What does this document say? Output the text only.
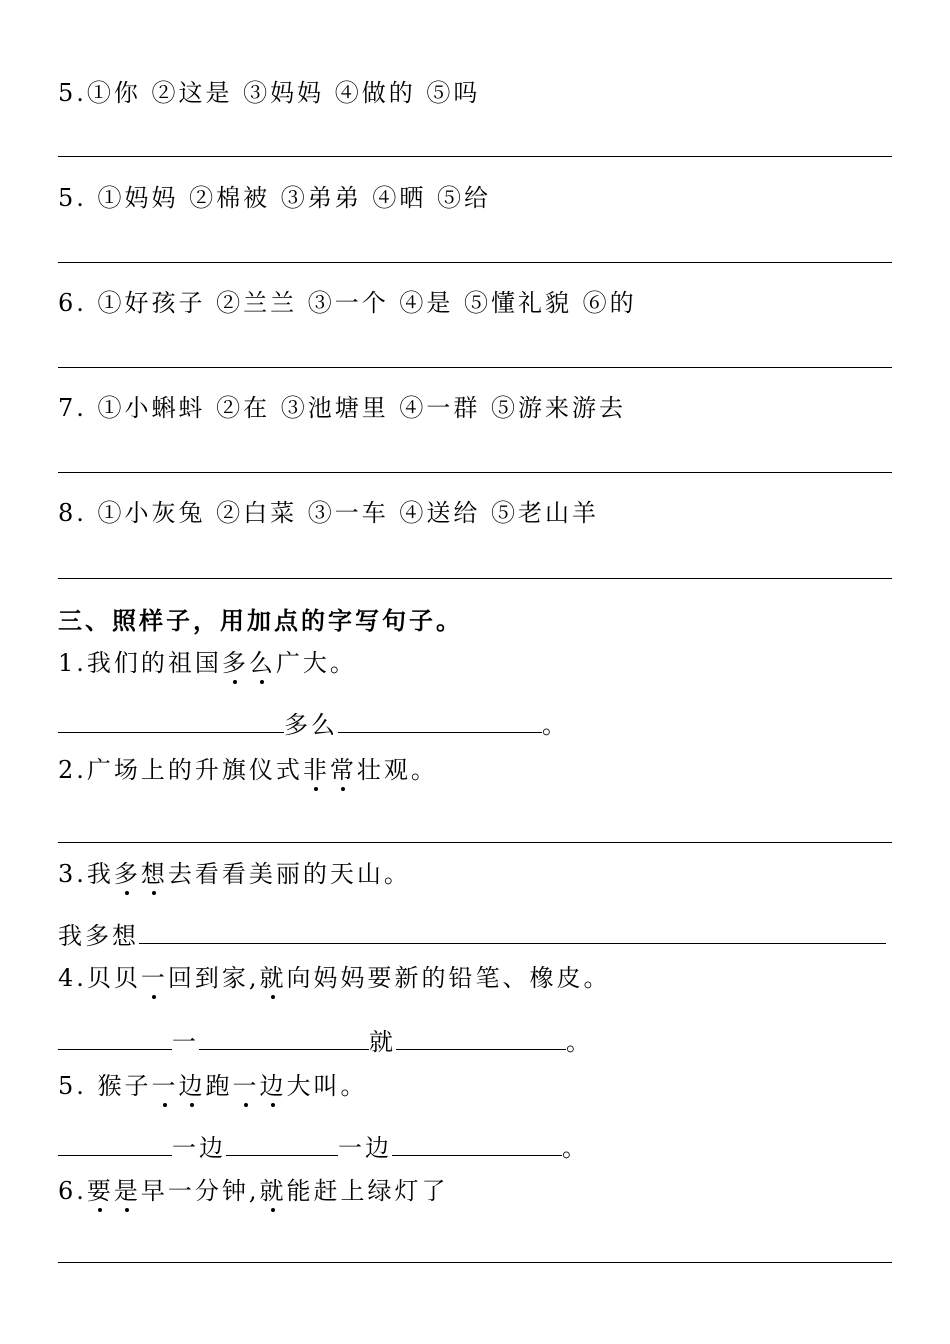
5.①你 ②这是 ③妈妈 ④做的 ⑤吗
5. ①妈妈 ②棉被 ③弟弟 ④晒 ⑤给
6. ①好孩子 ②兰兰 ③一个 ④是 ⑤懂礼貌 ⑥的
7. ①小蝌蚪 ②在 ③池塘里 ④一群 ⑤游来游去
8. ①小灰兔 ②白菜 ③一车 ④送给 ⑤老山羊
三、照样子，用加点的字写句子。
1.我们的祖国多么广大。
多么	。
2.广场上的升旗仪式非常壮观。
3.我多想去看看美丽的天山。
我多想
4.贝贝一回到家,就向妈妈要新的铅笔、橡皮。
一	就	。
5. 猴子一边跑一边大叫。
一边	一边	。
6.要是早一分钟,就能赶上绿灯了
